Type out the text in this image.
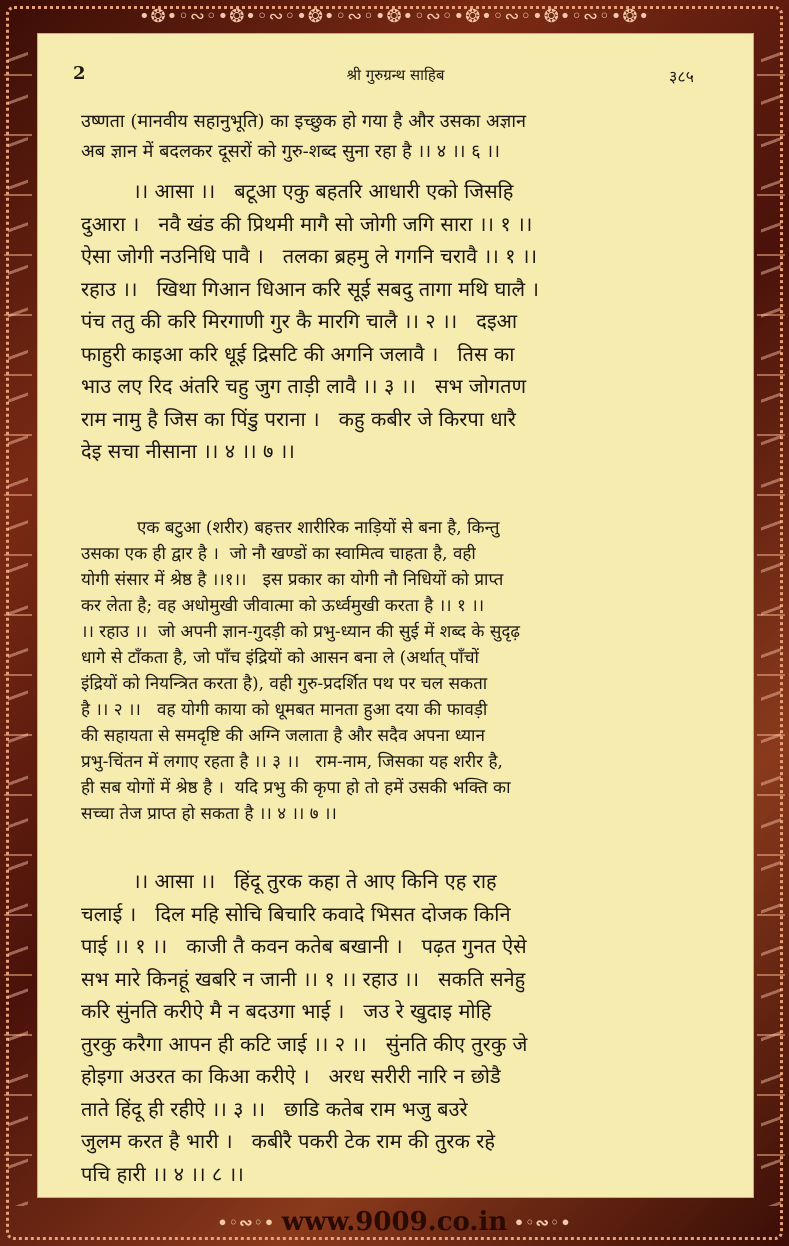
•❂•◦∾◦•❂•◦∾◦•❂•◦∾◦•❂•◦∾◦•❂•◦∾◦•❂•◦∾◦•❂•
•◦∾◦• www.9009.co.in •◦∾◦•
2	श्री गुरुग्रन्थ साहिब	३८५
उष्णता (मानवीय सहानुभूति) का इच्छुक हो गया है और उसका अज्ञान
अब ज्ञान में बदलकर दूसरों को गुरु-शब्द सुना रहा है ।। ४ ।। ६ ।।
।। आसा ।।   बटूआ एकु बहतरि आधारी एको जिसहि
दुआरा ।   नवै खंड की प्रिथमी मागै सो जोगी जगि सारा ।। १ ।।
ऐसा जोगी नउनिधि पावै ।   तलका ब्रहमु ले गगनि चरावै ।। १ ।।
रहाउ ।।   खिथा गिआन धिआन करि सूई सबदु तागा मथि घालै ।
पंच ततु की करि मिरगाणी गुर कै मारगि चालै ।। २ ।।   दइआ
फाहुरी काइआ करि धूई द्रिसटि की अगनि जलावै ।   तिस का
भाउ लए रिद अंतरि चहु जुग ताड़ी लावै ।। ३ ।।   सभ जोगतण
राम नामु है जिस का पिंडु पराना ।   कहु कबीर जे किरपा धारै
देइ सचा नीसाना ।। ४ ।। ७ ।।
एक बटुआ (शरीर) बहत्तर शारीरिक नाड़ियों से बना है, किन्तु
उसका एक ही द्वार है ।  जो नौ खण्डों का स्वामित्व चाहता है, वही
योगी संसार में श्रेष्ठ है ।।१।।   इस प्रकार का योगी नौ निधियों को प्राप्त
कर लेता है; वह अधोमुखी जीवात्मा को ऊर्ध्वमुखी करता है ।। १ ।।
।। रहाउ ।।  जो अपनी ज्ञान-गुदड़ी को प्रभु-ध्यान की सुई में शब्द के सुदृढ़
धागे से टाँकता है, जो पाँच इंद्रियों को आसन बना ले (अर्थात् पाँचों
इंद्रियों को नियन्त्रित करता है), वही गुरु-प्रदर्शित पथ पर चल सकता
है ।। २ ।।   वह योगी काया को धूमबत मानता हुआ दया की फावड़ी
की सहायता से समदृष्टि की अग्नि जलाता है और सदैव अपना ध्यान
प्रभु-चिंतन में लगाए रहता है ।। ३ ।।   राम-नाम, जिसका यह शरीर है,
ही सब योगों में श्रेष्ठ है ।  यदि प्रभु की कृपा हो तो हमें उसकी भक्ति का
सच्चा तेज प्राप्त हो सकता है ।। ४ ।। ७ ।।
।। आसा ।।   हिंदू तुरक कहा ते आए किनि एह राह
चलाई ।   दिल महि सोचि बिचारि कवादे भिसत दोजक किनि
पाई ।। १ ।।   काजी तै कवन कतेब बखानी ।   पढ़त गुनत ऐसे
सभ मारे किनहूं खबरि न जानी ।। १ ।। रहाउ ।।   सकति सनेहु
करि सुंनति करीऐ मै न बदउगा भाई ।   जउ रे खुदाइ मोहि
तुरकु करैगा आपन ही कटि जाई ।। २ ।।   सुंनति कीए तुरकु जे
होइगा अउरत का किआ करीऐ ।   अरध सरीरी नारि न छोडै
ताते हिंदू ही रहीऐ ।। ३ ।।   छाडि कतेब राम भजु बउरे
जुलम करत है भारी ।   कबीरै पकरी टेक राम की तुरक रहे
पचि हारी ।। ४ ।। ८ ।।
